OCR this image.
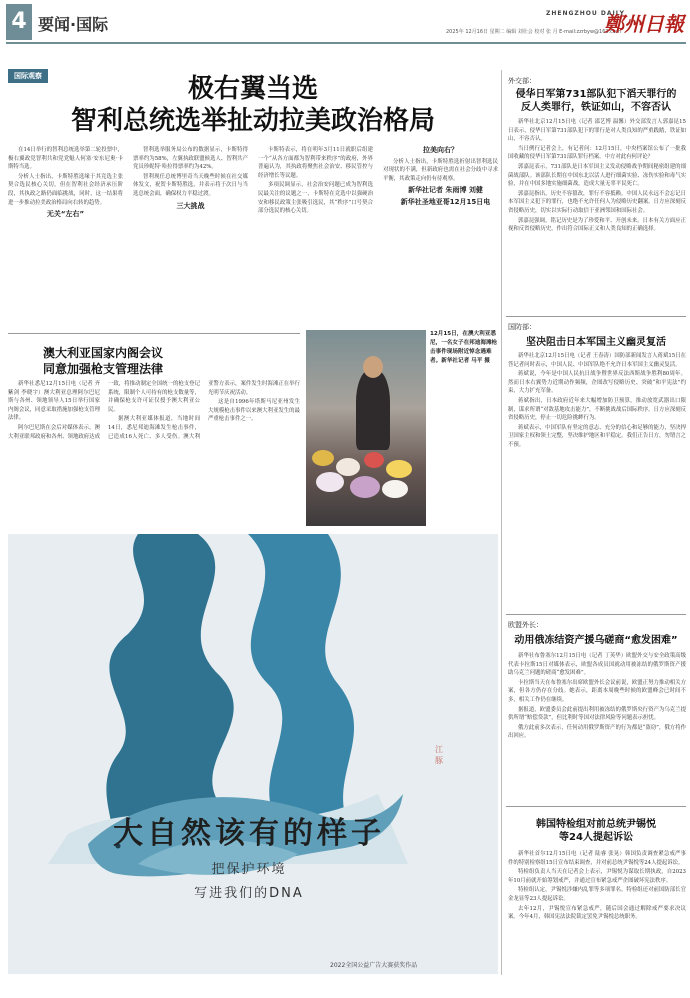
4 要闻·国际
ZHENGZHOU DAILY
2025年 12月16日 星期二 编辑 刘壮会 校对 张 月 E-mail:zzrbyw@163.com
鄭州日報
国际观察	极右翼当选
智利总统选举扯动拉美政治格局

在14日举行的智利总统选举第二轮投票中，极右翼政党智利共和党党魁人何塞·安东尼奥·卡斯特当选。

分析人士指出，卡斯特胜选缘于其竞选主张契合选民核心关切，但在智利社会经济承压阶段，其执政之路仍面临挑战，同时，这一结果将进一步推动拉美政治格局向右转的趋势。

无关“左右”

智利选举服务局公布的数据显示，卡斯特得票率约为58%，左翼执政联盟候选人、智利共产党员珍妮特·哈拉得票率约为42%。

智利现任总统博里奇当天晚些时候在社交媒体发文，祝贺卡斯特胜选，并表示将于次日与当选总统会面，确保权力平稳过渡。

三大挑战

卡斯特表示，将在明年3月11日就职后组建一个“从各方面都为智利带来秩序”的政府，外界普遍认为，其执政将聚焦社会治安、移民管控与经济增长等议题。

多项民调显示，社会治安问题已成为智利选民最关注的议题之一，卡斯特在竞选中以强硬治安和移民政策主张吸引选民，其“秩序”口号契合部分选民的核心关切。

拉美向右？

分析人士指出，卡斯特胜选折射出智利选民对现状的不满，但新政府也需在社会分歧中寻求平衡，其政策走向仍有待观察。

新华社记者 朱雨博 刘健

新华社圣地亚哥12月15日电

澳大利亚国家内阁会议
同意加强枪支管理法律

新华社悉尼12月15日电（记者 齐紫剑 李晓宇）澳大利亚总理阿尔巴尼斯与各州、领地领导人15日举行国家内阁会议，同意采取措施加强枪支管理法律。

阿尔巴尼斯在会后对媒体表示，澳大利亚联邦政府和各州、领地政府达成一致，将推动制定全国统一的枪支登记系统，限制个人可持有的枪支数量等，并确保枪支许可证仅授予澳大利亚公民。

据澳大利亚媒体报道，当地时间14日，悉尼邦迪海滩发生枪击事件，已造成16人死亡、多人受伤。澳大利亚警方表示，案件发生时海滩正在举行光明节庆祝活动。

这是自1996年塔斯马尼亚州发生大规模枪击事件以来澳大利亚发生的最严重枪击事件之一。

12月15日，在澳大利亚悉尼，一名女子在邦迪海滩枪击事件现场附近悼念遇难者。新华社记者 马平 摄
江豚
大自然该有的样子
把保护环境
写进我们的DNA
2022全国公益广告大赛获奖作品
外交部：
侵华日军第731部队犯下滔天罪行的
反人类罪行，铁证如山，不容否认

新华社北京12月15日电（记者 邵艺博 温馨）外交部发言人郭嘉昆15日表示，侵华日军第731部队犯下的罪行是对人类良知的严重践踏，铁证如山，不容否认。

当日例行记者会上，有记者问：12月15日，中央档案馆公布了一批我国收藏的侵华日军第731部队罪行档案。中方对此有何评论？

郭嘉昆表示，731部队是日本军国主义发动侵略战争期间秘密组建的细菌战部队。该部队长期在中国东北以活人进行细菌实验、冻伤实验和毒气实验，并在中国多地实施细菌战，造成大量无辜平民死亡。

郭嘉昆指出，历史不容篡改，罪行不容抵赖。中国人民永远不会忘记日本军国主义犯下的罪行，也绝不允许任何人为侵略历史翻案。日方应深刻反省侵略历史，切实以实际行动取信于亚洲邻国和国际社会。

郭嘉昆强调，铭记历史是为了珍爱和平、开创未来。日本有关方面应正视和反省侵略历史，作出符合国际正义和人类良知的正确选择。

国防部：
坚决阻击日本军国主义幽灵复活

新华社北京12月15日电（记者 王春涛）国防部新闻发言人蒋斌15日在答记者问时表示，中国人民、中国军队绝不允许日本军国主义幽灵复活。

蒋斌说，今年是中国人民抗日战争暨世界反法西斯战争胜利80周年。然而日本右翼势力近期动作频频，企图改写侵略历史、突破“和平宪法”约束，大力扩充军备。

蒋斌指出，日本政府近年来大幅增加防卫预算，推动放宽武器出口限制，谋求所谓“对敌基地攻击能力”，不断挑战战后国际秩序。日方应深刻反省侵略历史，停止一切危险挑衅行为。

蒋斌表示，中国军队有坚定的意志、充分的信心和足够的能力，坚决捍卫国家主权和领土完整，坚决维护地区和平稳定。我们正告日方，勿谓言之不预。

欧盟外长：
动用俄冻结资产援乌磋商“愈发困难”

新华社布鲁塞尔12月15日电（记者 丁英华）欧盟外交与安全政策高级代表卡拉斯15日对媒体表示，欧盟各成员国就动用被冻结的俄罗斯资产援助乌克兰问题的磋商“愈发困难”。

卡拉斯当天在布鲁塞尔出席欧盟外长会议前说，欧盟正努力推动相关方案，但各方仍存在分歧。她表示，距离本周晚些时候的欧盟峰会已时间不多，相关工作仍在继续。

据报道，欧盟委员会此前提出利用被冻结的俄罗斯央行资产为乌克兰提供所谓“赔偿贷款”，但比利时等国对法律风险等问题表示担忧。

俄方此前多次表示，任何动用俄罗斯资产的行为都是“盗窃”，俄方将作出回应。

韩国特检组对前总统尹锡悦
等24人提起诉讼

新华社首尔12月15日电（记者 陆睿 张晃）韩国负责调查紧急戒严事件的特别检察组15日宣布结束调查，并对前总统尹锡悦等24人提起诉讼。

特检组负责人当天在记者会上表示，尹锡悦为谋取长期执政，自2023年10月前就开始筹划戒严，并通过宣布紧急戒严企图破坏宪法秩序。

特检组认定，尹锡悦涉嫌内乱罪等多项罪名。特检组还对前国防部长官金龙显等23人提起诉讼。

去年12月，尹锡悦宣布紧急戒严，随后国会通过解除戒严要求决议案。今年4月，韩国宪法法院裁定罢免尹锡悦总统职务。
